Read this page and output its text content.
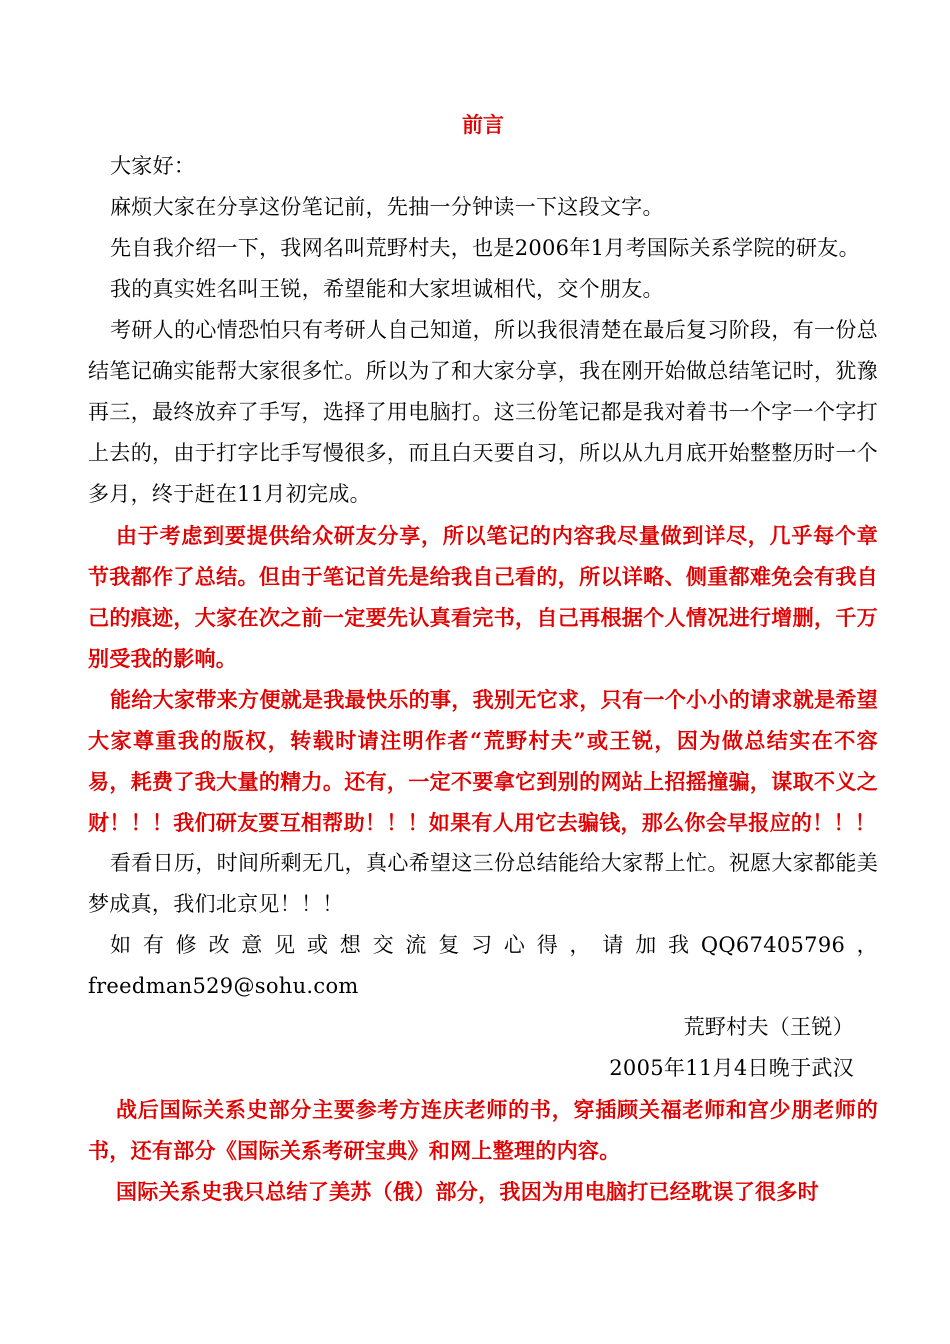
前言

大家好：

麻烦大家在分享这份笔记前，先抽一分钟读一下这段文字。

先自我介绍一下，我网名叫荒野村夫，也是2006年1月考国际关系学院的研友。

我的真实姓名叫王锐，希望能和大家坦诚相代，交个朋友。

考研人的心情恐怕只有考研人自己知道，所以我很清楚在最后复习阶段，有一份总结笔记确实能帮大家很多忙。所以为了和大家分享，我在刚开始做总结笔记时，犹豫再三，最终放弃了手写，选择了用电脑打。这三份笔记都是我对着书一个字一个字打上去的，由于打字比手写慢很多，而且白天要自习，所以从九月底开始整整历时一个多月，终于赶在11月初完成。

由于考虑到要提供给众研友分享，所以笔记的内容我尽量做到详尽，几乎每个章节我都作了总结。但由于笔记首先是给我自己看的，所以详略、侧重都难免会有我自己的痕迹，大家在次之前一定要先认真看完书，自己再根据个人情况进行增删，千万别受我的影响。

能给大家带来方便就是我最快乐的事，我别无它求，只有一个小小的请求就是希望大家尊重我的版权，转载时请注明作者“荒野村夫”或王锐，因为做总结实在不容易，耗费了我大量的精力。还有，一定不要拿它到别的网站上招摇撞骗，谋取不义之财！！！我们研友要互相帮助！！！如果有人用它去骗钱，那么你会早报应的！！！

看看日历，时间所剩无几，真心希望这三份总结能给大家帮上忙。祝愿大家都能美梦成真，我们北京见！！！

如有修改意见或想交流复习心得，请加我QQ67405796，freedman529@sohu.com

荒野村夫（王锐）

2005年11月4日晚于武汉

战后国际关系史部分主要参考方连庆老师的书，穿插顾关福老师和宫少朋老师的书，还有部分《国际关系考研宝典》和网上整理的内容。

国际关系史我只总结了美苏（俄）部分，我因为用电脑打已经耽误了很多时
